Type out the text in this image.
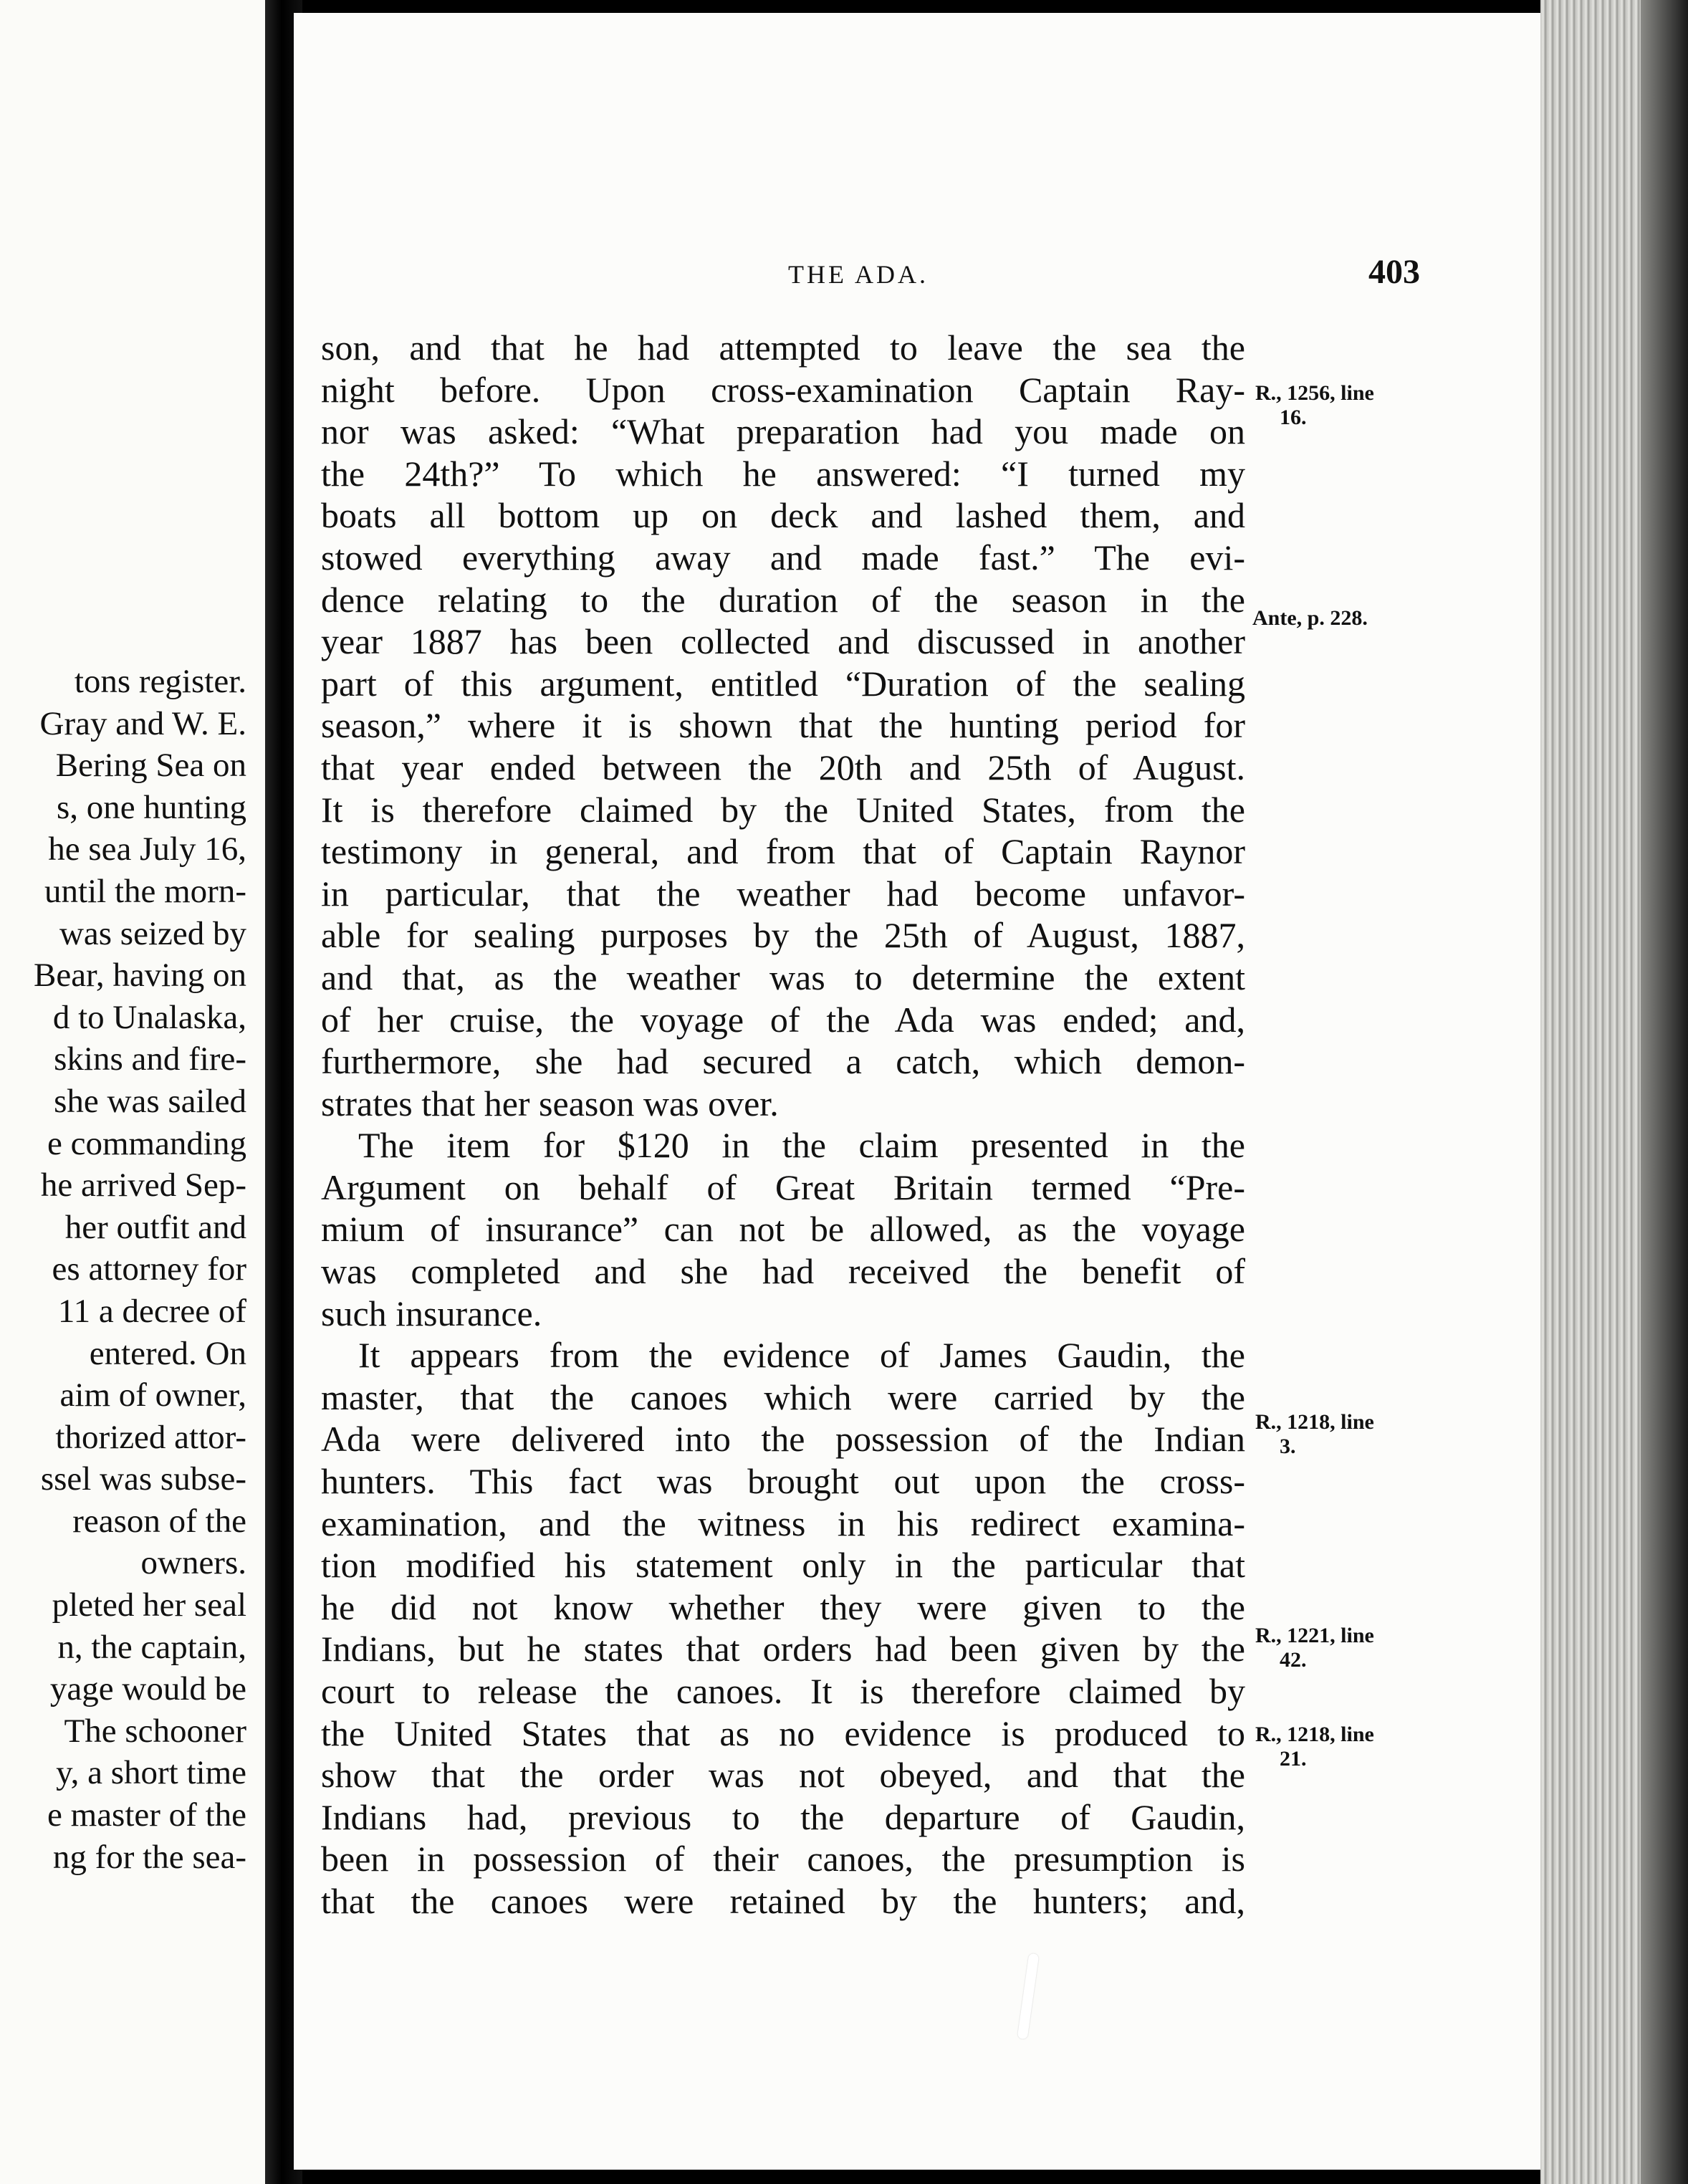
tons register.
Gray and W. E.
Bering Sea on
s, one hunting
he sea July 16,
until the morn-
was seized by
Bear, having on
d to Unalaska,
skins and fire-
she was sailed
e commanding
he arrived Sep-
her outfit and
es attorney for
11 a decree of
entered. On
aim of owner,
thorized attor-
ssel was subse-
reason of the
owners.
pleted her seal
n, the captain,
yage would be
The schooner
y, a short time
e master of the
ng for the sea-
THE ADA.	403
son, and that he had attempted to leave the sea the
night before. Upon cross-examination Captain Ray-
nor was asked: “What preparation had you made on
the 24th?” To which he answered: “I turned my
boats all bottom up on deck and lashed them, and
stowed everything away and made fast.” The evi-
dence relating to the duration of the season in the
year 1887 has been collected and discussed in another
part of this argument, entitled “Duration of the sealing
season,” where it is shown that the hunting period for
that year ended between the 20th and 25th of August.
It is therefore claimed by the United States, from the
testimony in general, and from that of Captain Raynor
in particular, that the weather had become unfavor-
able for sealing purposes by the 25th of August, 1887,
and that, as the weather was to determine the extent
of her cruise, the voyage of the Ada was ended; and,
furthermore, she had secured a catch, which demon-
strates that her season was over.
The item for $120 in the claim presented in the
Argument on behalf of Great Britain termed “Pre-
mium of insurance” can not be allowed, as the voyage
was completed and she had received the benefit of
such insurance.
It appears from the evidence of James Gaudin, the
master, that the canoes which were carried by the
Ada were delivered into the possession of the Indian
hunters. This fact was brought out upon the cross-
examination, and the witness in his redirect examina-
tion modified his statement only in the particular that
he did not know whether they were given to the
Indians, but he states that orders had been given by the
court to release the canoes. It is therefore claimed by
the United States that as no evidence is produced to
show that the order was not obeyed, and that the
Indians had, previous to the departure of Gaudin,
been in possession of their canoes, the presumption is
that the canoes were retained by the hunters; and,
R., 1256, line
16.
Ante, p. 228.
R., 1218, line
3.
R., 1221, line
42.
R., 1218, line
21.
